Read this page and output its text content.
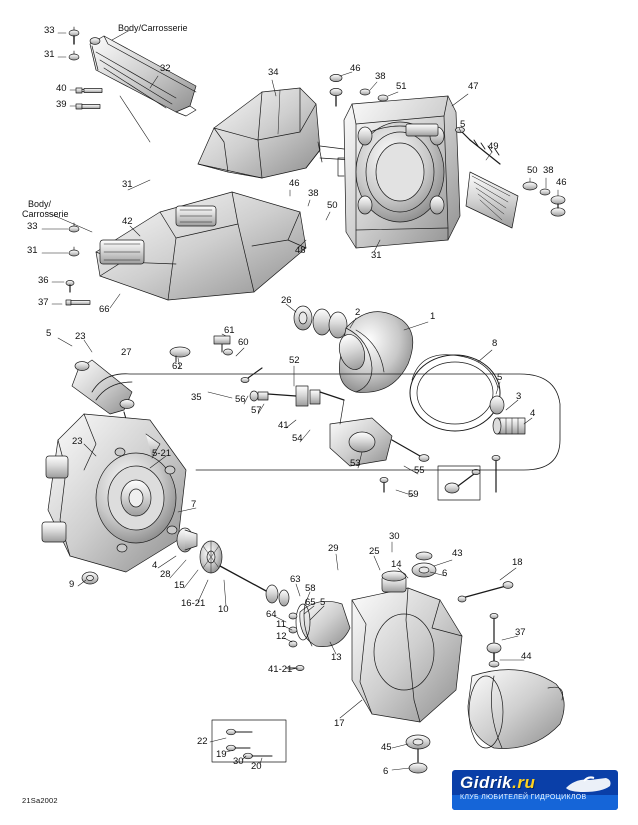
Body/Carrosserie
Body/
Carrosserie
33
31
32
40
39
34	46
38
51	47
5
49
50 38
46
31	46
38
50
48	31
33	42
31
36
37
66
26
2	1
8
5 23
61
60
52
62
27
5
3
4
56
57
41
54
53
55
59
35
23
5-21
7
9
4
28
15
16-21
10
29
30
25
14
43
6
18
63
58
65 5
64
11
12
13
41-21
37
44
17
22
19
30 20
45
6
21Sa2002
Gidrik.ru
КЛУБ ЛЮБИТЕЛЕЙ ГИДРОЦИКЛОВ
